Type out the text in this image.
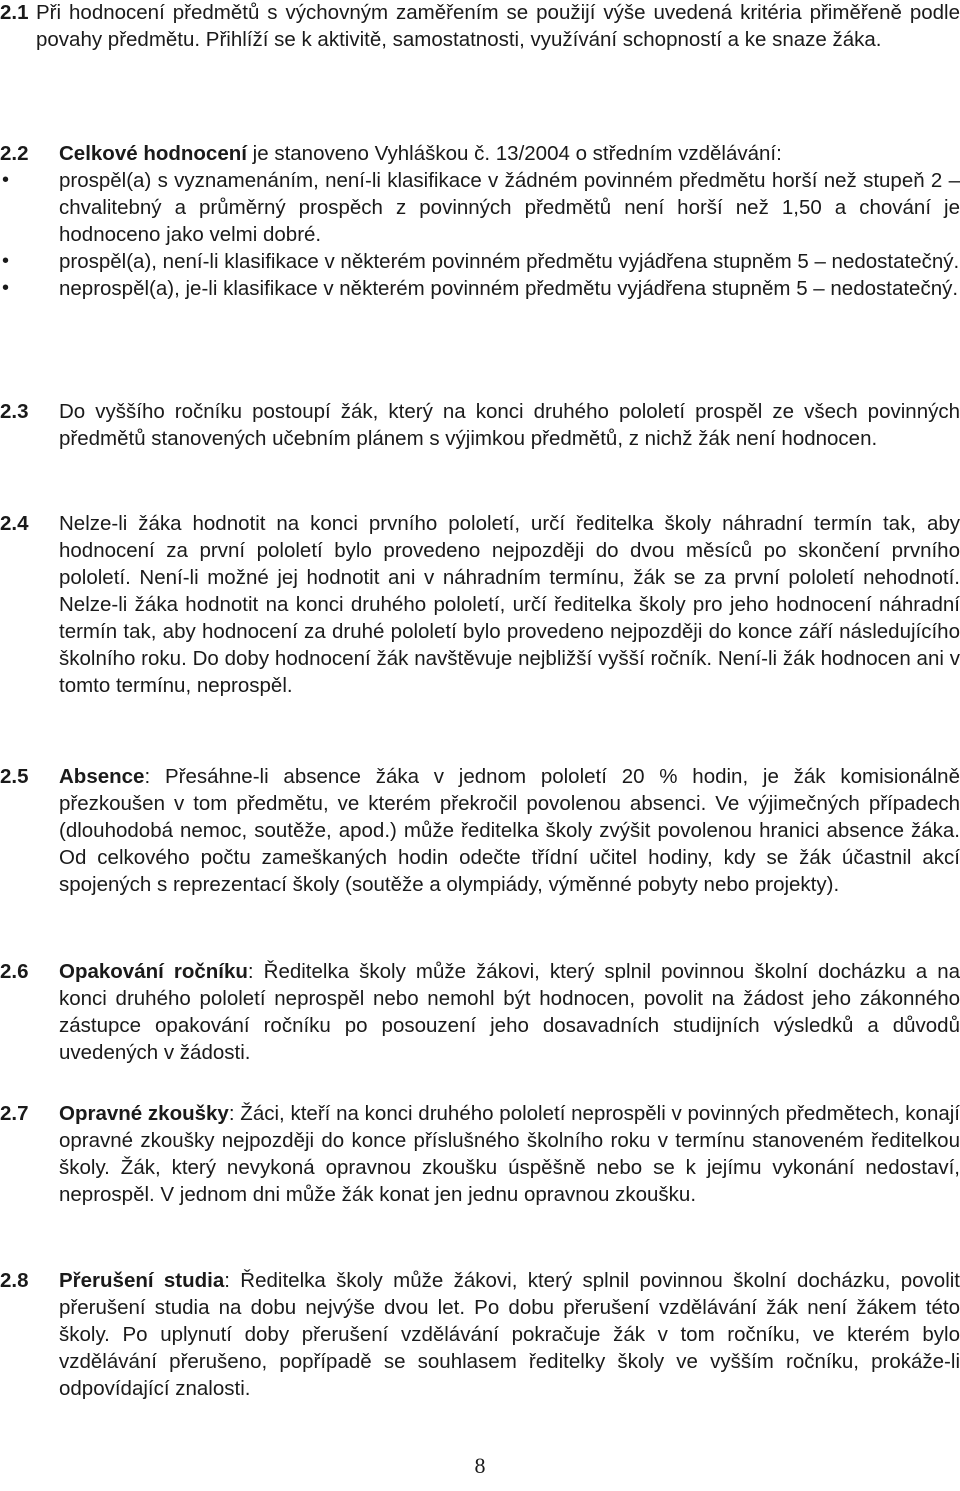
2.1 Při hodnocení předmětů s výchovným zaměřením se použijí výše uvedená kritéria přiměřeně podle povahy předmětu. Přihlíží se k aktivitě, samostatnosti, využívání schopností a ke snaze žáka.
2.2 Celkové hodnocení je stanoveno Vyhláškou č. 13/2004 o středním vzdělávání:
• prospěl(a) s vyznamenáním, není-li klasifikace v žádném povinném předmětu horší než stupeň 2 – chvalitebný a průměrný prospěch z povinných předmětů není horší než 1,50 a chování je hodnoceno jako velmi dobré.
• prospěl(a), není-li klasifikace v některém povinném předmětu vyjádřena stupněm 5 – nedostatečný.
• neprospěl(a), je-li klasifikace v některém povinném předmětu vyjádřena stupněm 5 – nedostatečný.
2.3 Do vyššího ročníku postoupí žák, který na konci druhého pololetí prospěl ze všech povinných předmětů stanovených učebním plánem s výjimkou předmětů, z nichž žák není hodnocen.
2.4 Nelze-li žáka hodnotit na konci prvního pololetí, určí ředitelka školy náhradní termín tak, aby hodnocení za první pololetí bylo provedeno nejpozději do dvou měsíců po skončení prvního pololetí. Není-li možné jej hodnotit ani v náhradním termínu, žák se za první pololetí nehodnotí. Nelze-li žáka hodnotit na konci druhého pololetí, určí ředitelka školy pro jeho hodnocení náhradní termín tak, aby hodnocení za druhé pololetí bylo provedeno nejpozději do konce září následujícího školního roku. Do doby hodnocení žák navštěvuje nejbližší vyšší ročník. Není-li žák hodnocen ani v tomto termínu, neprospěl.
2.5 Absence: Přesáhne-li absence žáka v jednom pololetí 20 % hodin, je žák komisionálně přezkoušen v tom předmětu, ve kterém překročil povolenou absenci. Ve výjimečných případech (dlouhodobá nemoc, soutěže, apod.) může ředitelka školy zvýšit povolenou hranici absence žáka. Od celkového počtu zameškaných hodin odečte třídní učitel hodiny, kdy se žák účastnil akcí spojených s reprezentací školy (soutěže a olympiády, výměnné pobyty nebo projekty).
2.6 Opakování ročníku: Ředitelka školy může žákovi, který splnil povinnou školní docházku a na konci druhého pololetí neprospěl nebo nemohl být hodnocen, povolit na žádost jeho zákonného zástupce opakování ročníku po posouzení jeho dosavadních studijních výsledků a důvodů uvedených v žádosti.
2.7 Opravné zkoušky: Žáci, kteří na konci druhého pololetí neprospěli v povinných předmětech, konají opravné zkoušky nejpozději do konce příslušného školního roku v termínu stanoveném ředitelkou školy. Žák, který nevykoná opravnou zkoušku úspěšně nebo se k jejímu vykonání nedostaví, neprospěl. V jednom dni může žák konat jen jednu opravnou zkoušku.
2.8 Přerušení studia: Ředitelka školy může žákovi, který splnil povinnou školní docházku, povolit přerušení studia na dobu nejvýše dvou let. Po dobu přerušení vzdělávání žák není žákem této školy. Po uplynutí doby přerušení vzdělávání pokračuje žák v tom ročníku, ve kterém bylo vzdělávání přerušeno, popřípadě se souhlasem ředitelky školy ve vyšším ročníku, prokáže-li odpovídající znalosti.
8
